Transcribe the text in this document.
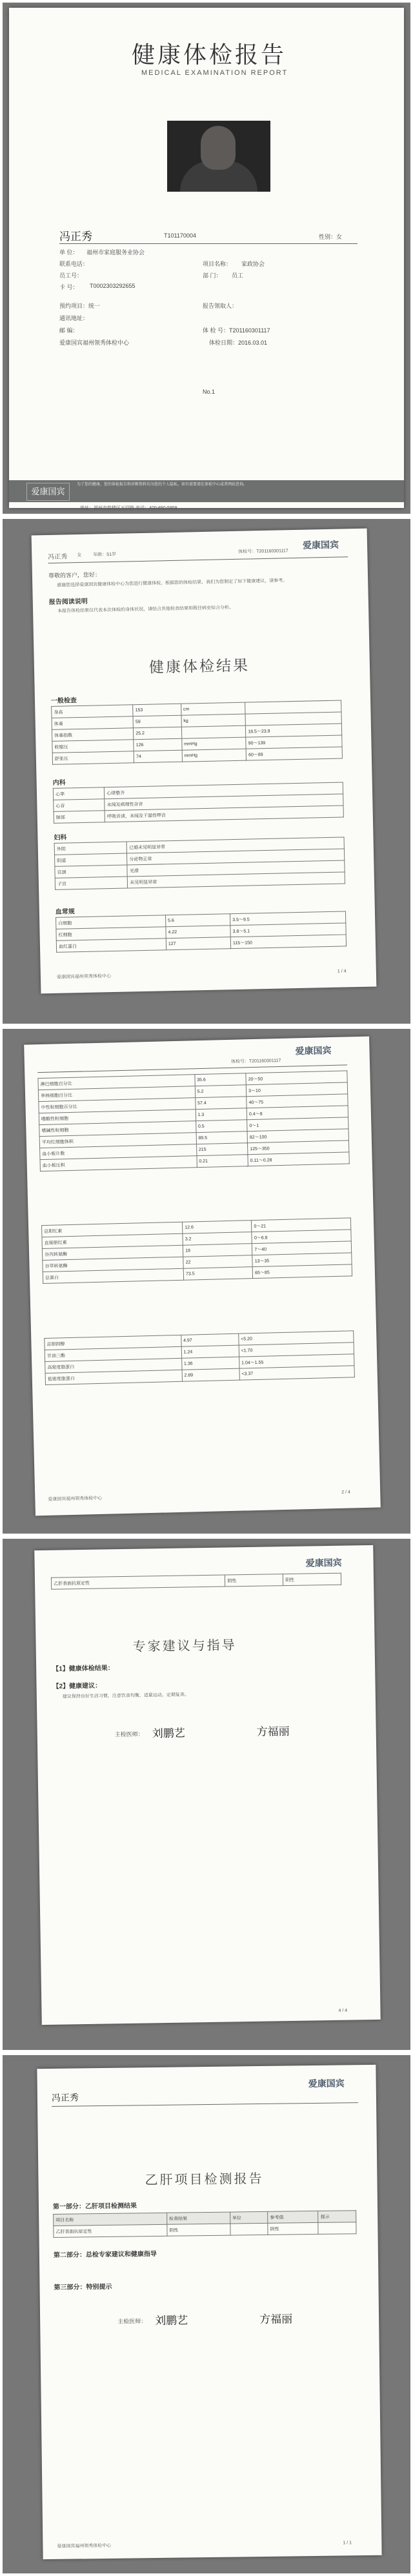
健康体检报告
MEDICAL EXAMINATION REPORT
冯正秀	T101170004	性别：女
单 位： 福州市家庭服务业协会
联系电话：	项目名称： 家政协会
员工号：	部 门： 员工
卡 号： T0002303292655
预约项目：统一	报告领取人：
通讯地址：
邮 编：	体 检 号：T201160301117
爱康国宾福州领秀体检中心	体检日期：2016.03.01
No.1
爱康国宾
为了您的健康，您的体检报告和诊断资料均为您的个人隐私，如有需要请在体检中心或者网站查询。
地址：福州市鼓楼区五四路 电话：400-880-5959
爱康国宾
冯正秀 女	年龄：51岁
体检号：T201160301117
尊敬的客户，您好：
感谢您选择爱康国宾健康体检中心为您进行健康体检，根据您的体检结果，我们为您制定了如下健康建议，请参考。
报告阅读说明
本报告体检结果仅代表本次体检的身体状况，请结合其他检查结果和既往病史综合分析。
健康体检结果
一般检查
身高	153	cm	
体重	59	kg	
体重指数	25.2		18.5～23.9
收缩压	126	mmHg	90～139
舒张压	74	mmHg	60～89
内科
心率	心律整齐
心音	未闻及病理性杂音
肺部	呼吸音清，未闻及干湿性啰音
妇科
外阴	已婚未见明显异常
阴道	分泌物正常
宫颈	光滑
子宫	未见明显异常
血常规
白细胞	5.6	3.5～9.5
红细胞	4.22	3.8～5.1
血红蛋白	127	115～150
爱康国宾福州领秀体检中心
1 / 4
爱康国宾
体检号：T201160301117
淋巴细胞百分比	35.6	20～50
单核细胞百分比	5.2	3～10
中性粒细胞百分比	57.4	40～75
嗜酸性粒细胞	1.3	0.4～8
嗜碱性粒细胞	0.5	0～1
平均红细胞体积	89.5	82～100
血小板计数	215	125～350
血小板压积	0.21	0.11～0.28
总胆红素	12.6	0～21
直接胆红素	3.2	0～6.8
谷丙转氨酶	18	7～40
谷草转氨酶	22	13～35
总蛋白	73.5	65～85
总胆固醇	4.97	<5.20
甘油三酯	1.24	<1.70
高密度脂蛋白	1.36	1.04～1.55
低密度脂蛋白	2.89	<3.37
爱康国宾福州领秀体检中心
2 / 4
爱康国宾
乙肝表面抗原定性	阴性	阴性
专家建议与指导
【1】健康体检结果：
【2】健康建议：
建议保持良好生活习惯，注意饮食均衡，适量运动，定期复查。
主检医师： 刘鹏艺	方福丽
4 / 4
爱康国宾
冯正秀
乙肝项目检测报告
第一部分：乙肝项目检测结果
项目名称	检查结果	单位	参考值	提示
乙肝表面抗原定性	阴性		阴性	
第二部分：总检专家建议和健康指导
第三部分：特别提示
主检医师： 刘鹏艺	方福丽
爱康国宾福州领秀体检中心
1 / 1
